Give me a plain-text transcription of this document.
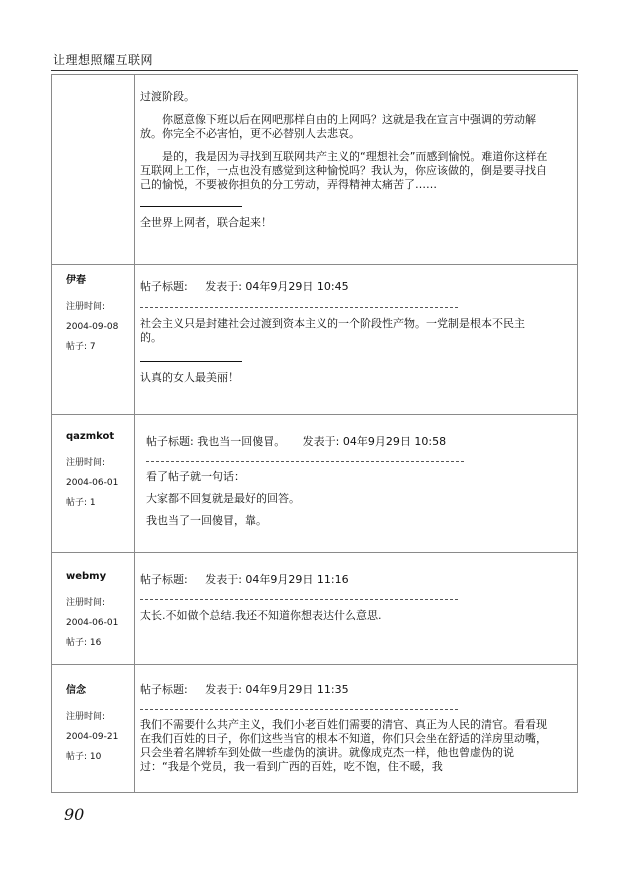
让理想照耀互联网

过渡阶段。

你愿意像下班以后在网吧那样自由的上网吗？这就是我在宣言中强调的劳动解放。你完全不必害怕，更不必替别人去悲哀。

是的，我是因为寻找到互联网共产主义的“理想社会”而感到愉悦。难道你这样在互联网上工作，一点也没有感觉到这种愉悦吗？我认为，你应该做的，倒是要寻找自己的愉悦，不要被你担负的分工劳动，弄得精神太痛苦了……

全世界上网者，联合起来！

伊春
注册时间:
2004-09-08
帖子: 7

帖子标题:     发表于: 04年9月29日 10:45

社会主义只是封建社会过渡到资本主义的一个阶段性产物。一党制是根本不民主的。

认真的女人最美丽！

qazmkot
注册时间:
2004-06-01
帖子: 1

帖子标题: 我也当一回傻冒。     发表于: 04年9月29日 10:58

看了帖子就一句话：

大家都不回复就是最好的回答。

我也当了一回傻冒，靠。

webmy
注册时间:
2004-06-01
帖子: 16

帖子标题:     发表于: 04年9月29日 11:16

太长.不如做个总结.我还不知道你想表达什么意思.

信念
注册时间:
2004-09-21
帖子: 10

帖子标题:     发表于: 04年9月29日 11:35

我们不需要什么共产主义，我们小老百姓们需要的清官、真正为人民的清官。看看现在我们百姓的日子，你们这些当官的根本不知道，你们只会坐在舒适的洋房里动嘴，只会坐着名牌轿车到处做一些虚伪的演讲。就像成克杰一样，他也曾虚伪的说过：“我是个党员，我一看到广西的百姓，吃不饱，住不暖，我

90
